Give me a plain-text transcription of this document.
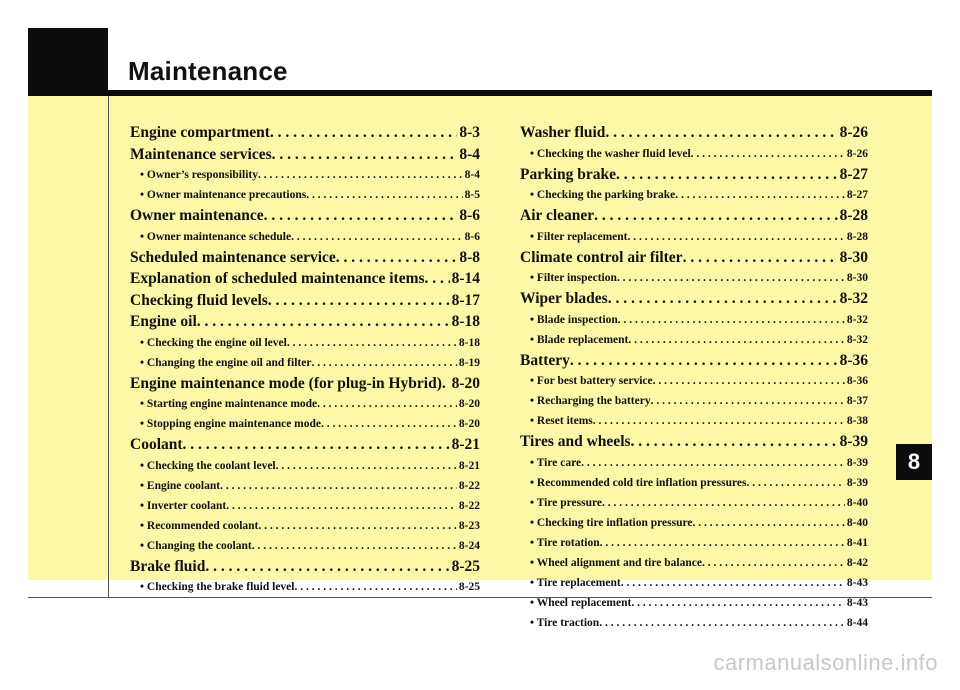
Maintenance
Engine compartment . . .	8-3
Maintenance services . . .	8-4
• Owner’s responsibility . . .	8-4
• Owner maintenance precautions . . .	8-5
Owner maintenance . . .	8-6
• Owner maintenance schedule . . .	8-6
Scheduled maintenance service . . .	8-8
Explanation of scheduled maintenance items . . . 8-14
Checking fluid levels . . .	8-17
Engine oil . . .	8-18
• Checking the engine oil level . . .	8-18
• Changing the engine oil and filter . . .	8-19
Engine maintenance mode (for plug-in Hybrid) . . . 8-20
• Starting engine maintenance mode . . .	8-20
• Stopping engine maintenance mode . . .	8-20
Coolant . . .	8-21
• Checking the coolant level . . .	8-21
• Engine coolant . . .	8-22
• Inverter coolant . . .	8-22
• Recommended coolant . . .	8-23
• Changing the coolant . . .	8-24
Brake fluid . . .	8-25
• Checking the brake fluid level . . .	8-25
Washer fluid . . .	8-26
• Checking the washer fluid level . . .	8-26
Parking brake . . .	8-27
• Checking the parking brake . . .	8-27
Air cleaner . . .	8-28
• Filter replacement . . .	8-28
Climate control air filter . . .	8-30
• Filter inspection . . .	8-30
Wiper blades . . .	8-32
• Blade inspection . . .	8-32
• Blade replacement . . .	8-32
Battery . . .	8-36
• For best battery service . . .	8-36
• Recharging the battery . . .	8-37
• Reset items . . .	8-38
Tires and wheels . . .	8-39
• Tire care . . .	8-39
• Recommended cold tire inflation pressures . . .	8-39
• Tire pressure . . .	8-40
• Checking tire inflation pressure . . .	8-40
• Tire rotation . . .	8-41
• Wheel alignment and tire balance . . .	8-42
• Tire replacement . . .	8-43
• Wheel replacement . . .	8-43
• Tire traction . . .	8-44
8
carmanualsonline.info
